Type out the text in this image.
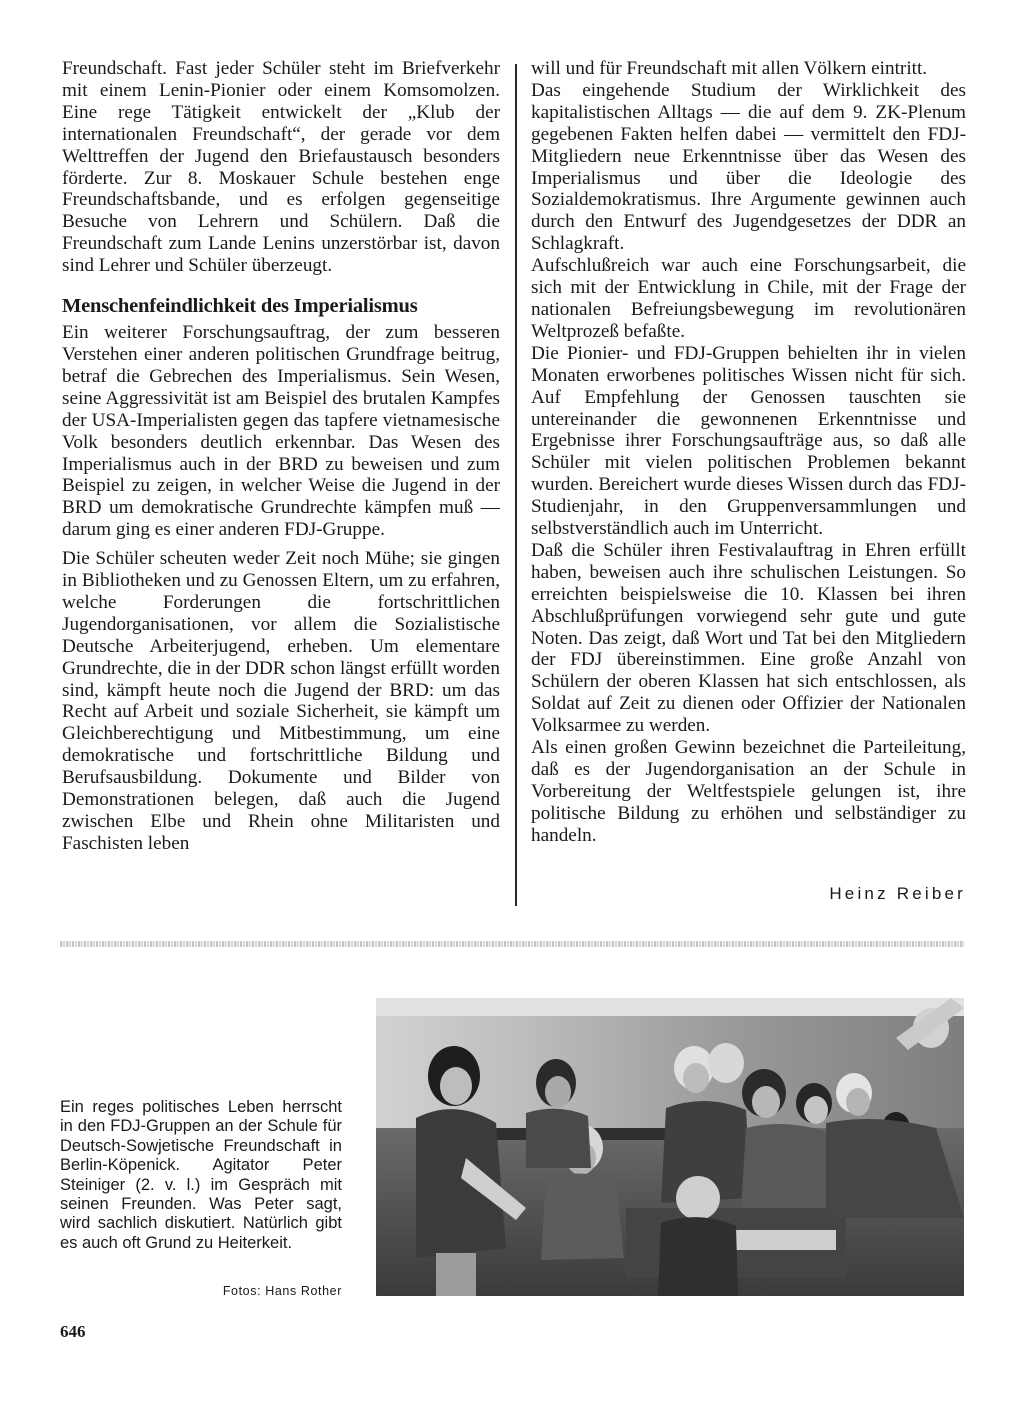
Freundschaft. Fast jeder Schüler steht im Briefverkehr mit einem Lenin-Pionier oder einem Komsomolzen. Eine rege Tätigkeit entwickelt der „Klub der internationalen Freundschaft“, der gerade vor dem Welttreffen der Jugend den Briefaustausch besonders förderte. Zur 8. Moskauer Schule bestehen enge Freundschaftsbande, und es erfolgen gegenseitige Besuche von Lehrern und Schülern. Daß die Freundschaft zum Lande Lenins unzerstörbar ist, davon sind Lehrer und Schüler überzeugt.

Menschenfeindlichkeit des Imperialismus

Ein weiterer Forschungsauftrag, der zum besseren Verstehen einer anderen politischen Grundfrage beitrug, betraf die Gebrechen des Imperialismus. Sein Wesen, seine Aggressivität ist am Beispiel des brutalen Kampfes der USA-Imperialisten gegen das tapfere vietnamesische Volk besonders deutlich erkennbar. Das Wesen des Imperialismus auch in der BRD zu beweisen und zum Beispiel zu zeigen, in welcher Weise die Jugend in der BRD um demokratische Grundrechte kämpfen muß — darum ging es einer anderen FDJ-Gruppe.

Die Schüler scheuten weder Zeit noch Mühe; sie gingen in Bibliotheken und zu Genossen Eltern, um zu erfahren, welche Forderungen die fortschrittlichen Jugendorganisationen, vor allem die Sozialistische Deutsche Arbeiterjugend, erheben. Um elementare Grundrechte, die in der DDR schon längst erfüllt worden sind, kämpft heute noch die Jugend der BRD: um das Recht auf Arbeit und soziale Sicherheit, sie kämpft um Gleichberechtigung und Mitbestimmung, um eine demokratische und fortschrittliche Bildung und Berufsausbildung. Dokumente und Bilder von Demonstrationen belegen, daß auch die Jugend zwischen Elbe und Rhein ohne Militaristen und Faschisten leben

will und für Freundschaft mit allen Völkern eintritt.

Das eingehende Studium der Wirklichkeit des kapitalistischen Alltags — die auf dem 9. ZK-Plenum gegebenen Fakten helfen dabei — vermittelt den FDJ-Mitgliedern neue Erkenntnisse über das Wesen des Imperialismus und über die Ideologie des Sozialdemokratismus. Ihre Argumente gewinnen auch durch den Entwurf des Jugendgesetzes der DDR an Schlagkraft.

Aufschlußreich war auch eine Forschungsarbeit, die sich mit der Entwicklung in Chile, mit der Frage der nationalen Befreiungsbewegung im revolutionären Weltprozeß befaßte.

Die Pionier- und FDJ-Gruppen behielten ihr in vielen Monaten erworbenes politisches Wissen nicht für sich. Auf Empfehlung der Genossen tauschten sie untereinander die gewonnenen Erkenntnisse und Ergebnisse ihrer Forschungsaufträge aus, so daß alle Schüler mit vielen politischen Problemen bekannt wurden. Bereichert wurde dieses Wissen durch das FDJ-Studienjahr, in den Gruppenversammlungen und selbstverständlich auch im Unterricht.

Daß die Schüler ihren Festivalauftrag in Ehren erfüllt haben, beweisen auch ihre schulischen Leistungen. So erreichten beispielsweise die 10. Klassen bei ihren Abschlußprüfungen vorwiegend sehr gute und gute Noten. Das zeigt, daß Wort und Tat bei den Mitgliedern der FDJ übereinstimmen. Eine große Anzahl von Schülern der oberen Klassen hat sich entschlossen, als Soldat auf Zeit zu dienen oder Offizier der Nationalen Volksarmee zu werden.

Als einen großen Gewinn bezeichnet die Parteileitung, daß es der Jugendorganisation an der Schule in Vorbereitung der Weltfestspiele gelungen ist, ihre politische Bildung zu erhöhen und selbständiger zu handeln.

Heinz Reiber
Ein reges politisches Leben herrscht in den FDJ-Gruppen an der Schule für Deutsch-Sowjetische Freundschaft in Berlin-Köpenick. Agitator Peter Steiniger (2. v. l.) im Gespräch mit seinen Freunden. Was Peter sagt, wird sachlich diskutiert. Natürlich gibt es auch oft Grund zu Heiterkeit.
Fotos: Hans Rother
646
